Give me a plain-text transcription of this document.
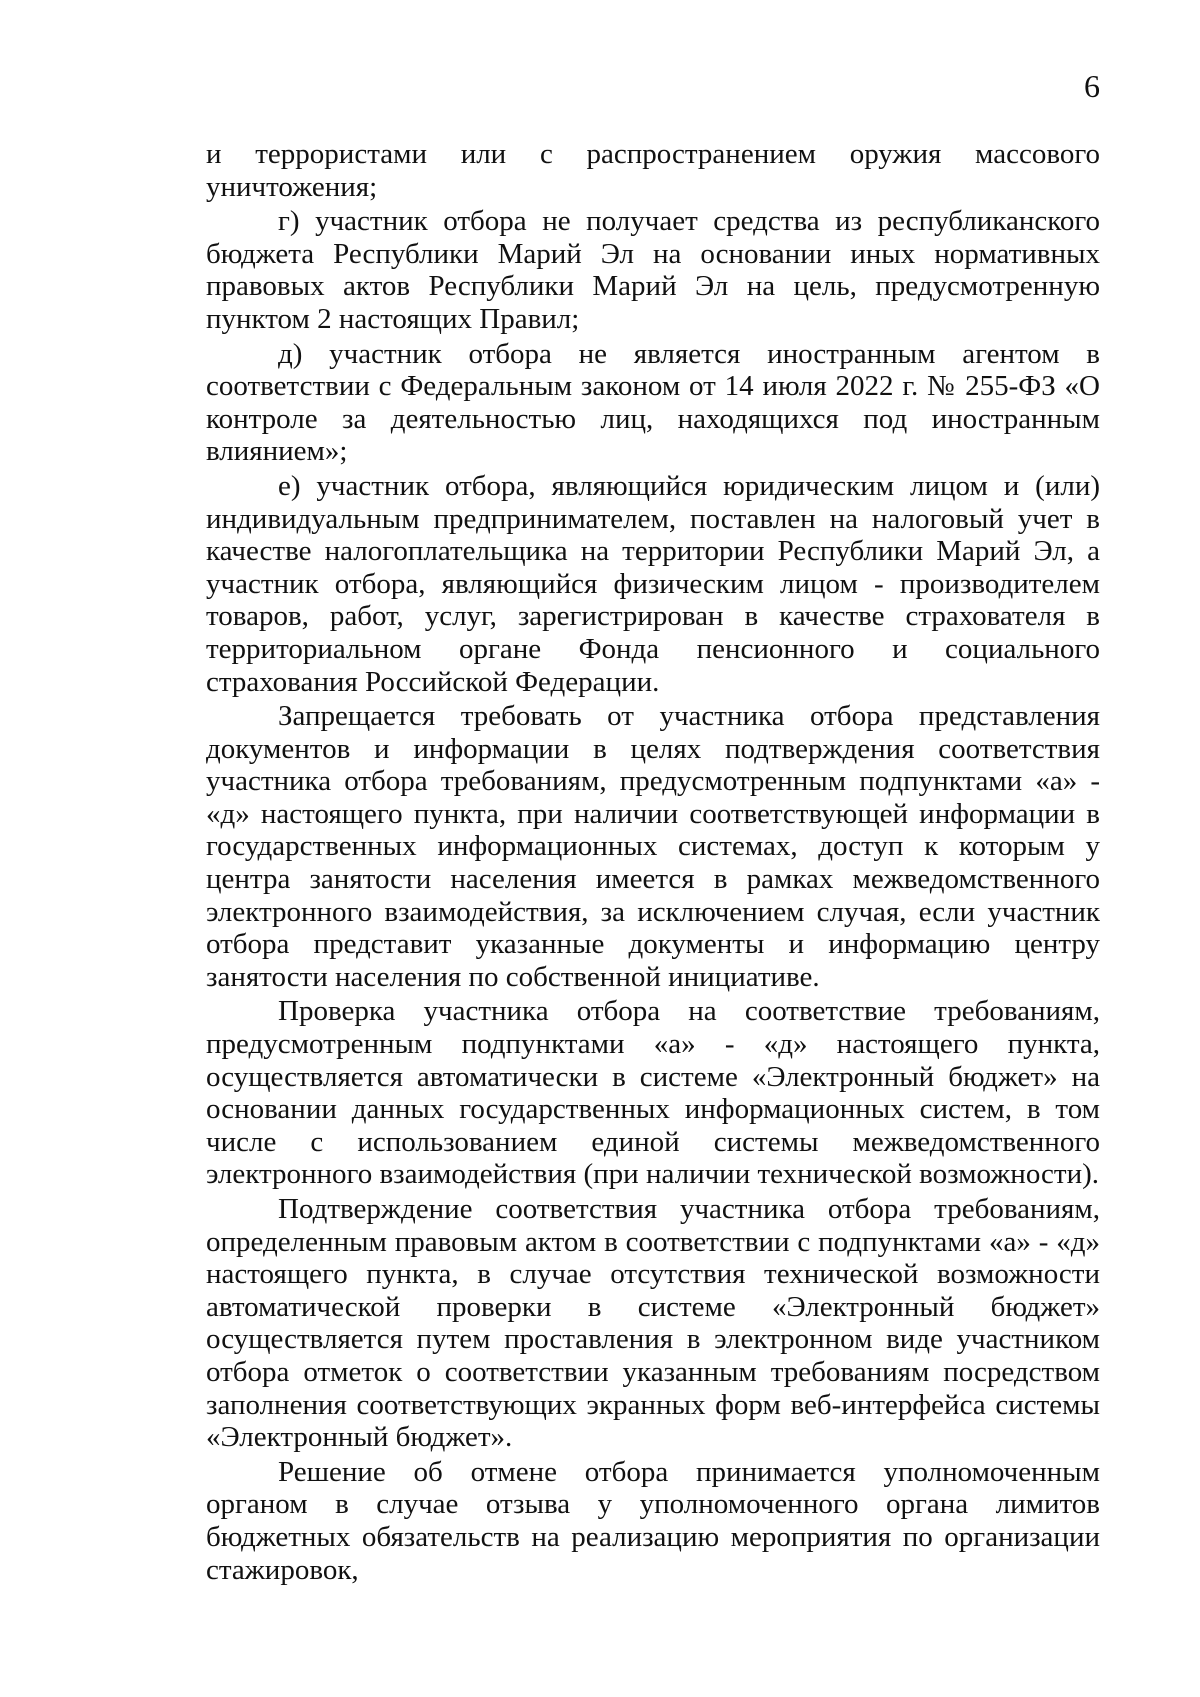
6

и террористами или с распространением оружия массового уничтожения;

г) участник отбора не получает средства из республиканского бюджета Республики Марий Эл на основании иных нормативных правовых актов Республики Марий Эл на цель, предусмотренную пунктом 2 настоящих Правил;

д) участник отбора не является иностранным агентом в соответствии с Федеральным законом от 14 июля 2022 г. № 255-ФЗ «О контроле за деятельностью лиц, находящихся под иностранным влиянием»;

е) участник отбора, являющийся юридическим лицом и (или) индивидуальным предпринимателем, поставлен на налоговый учет в качестве налогоплательщика на территории Республики Марий Эл, а участник отбора, являющийся физическим лицом - производителем товаров, работ, услуг, зарегистрирован в качестве страхователя в территориальном органе Фонда пенсионного и социального страхования Российской Федерации.

Запрещается требовать от участника отбора представления документов и информации в целях подтверждения соответствия участника отбора требованиям, предусмотренным подпунктами «а» - «д» настоящего пункта, при наличии соответствующей информации в государственных информационных системах, доступ к которым у центра занятости населения имеется в рамках межведомственного электронного взаимодействия, за исключением случая, если участник отбора представит указанные документы и информацию центру занятости населения по собственной инициативе.

Проверка участника отбора на соответствие требованиям, предусмотренным подпунктами «а» - «д» настоящего пункта, осуществляется автоматически в системе «Электронный бюджет» на основании данных государственных информационных систем, в том числе с использованием единой системы межведомственного электронного взаимодействия (при наличии технической возможности).

Подтверждение соответствия участника отбора требованиям, определенным правовым актом в соответствии с подпунктами «а» - «д» настоящего пункта, в случае отсутствия технической возможности автоматической проверки в системе «Электронный бюджет» осуществляется путем проставления в электронном виде участником отбора отметок о соответствии указанным требованиям посредством заполнения соответствующих экранных форм веб-интерфейса системы «Электронный бюджет».

Решение об отмене отбора принимается уполномоченным органом в случае отзыва у уполномоченного органа лимитов бюджетных обязательств на реализацию мероприятия по организации стажировок,
